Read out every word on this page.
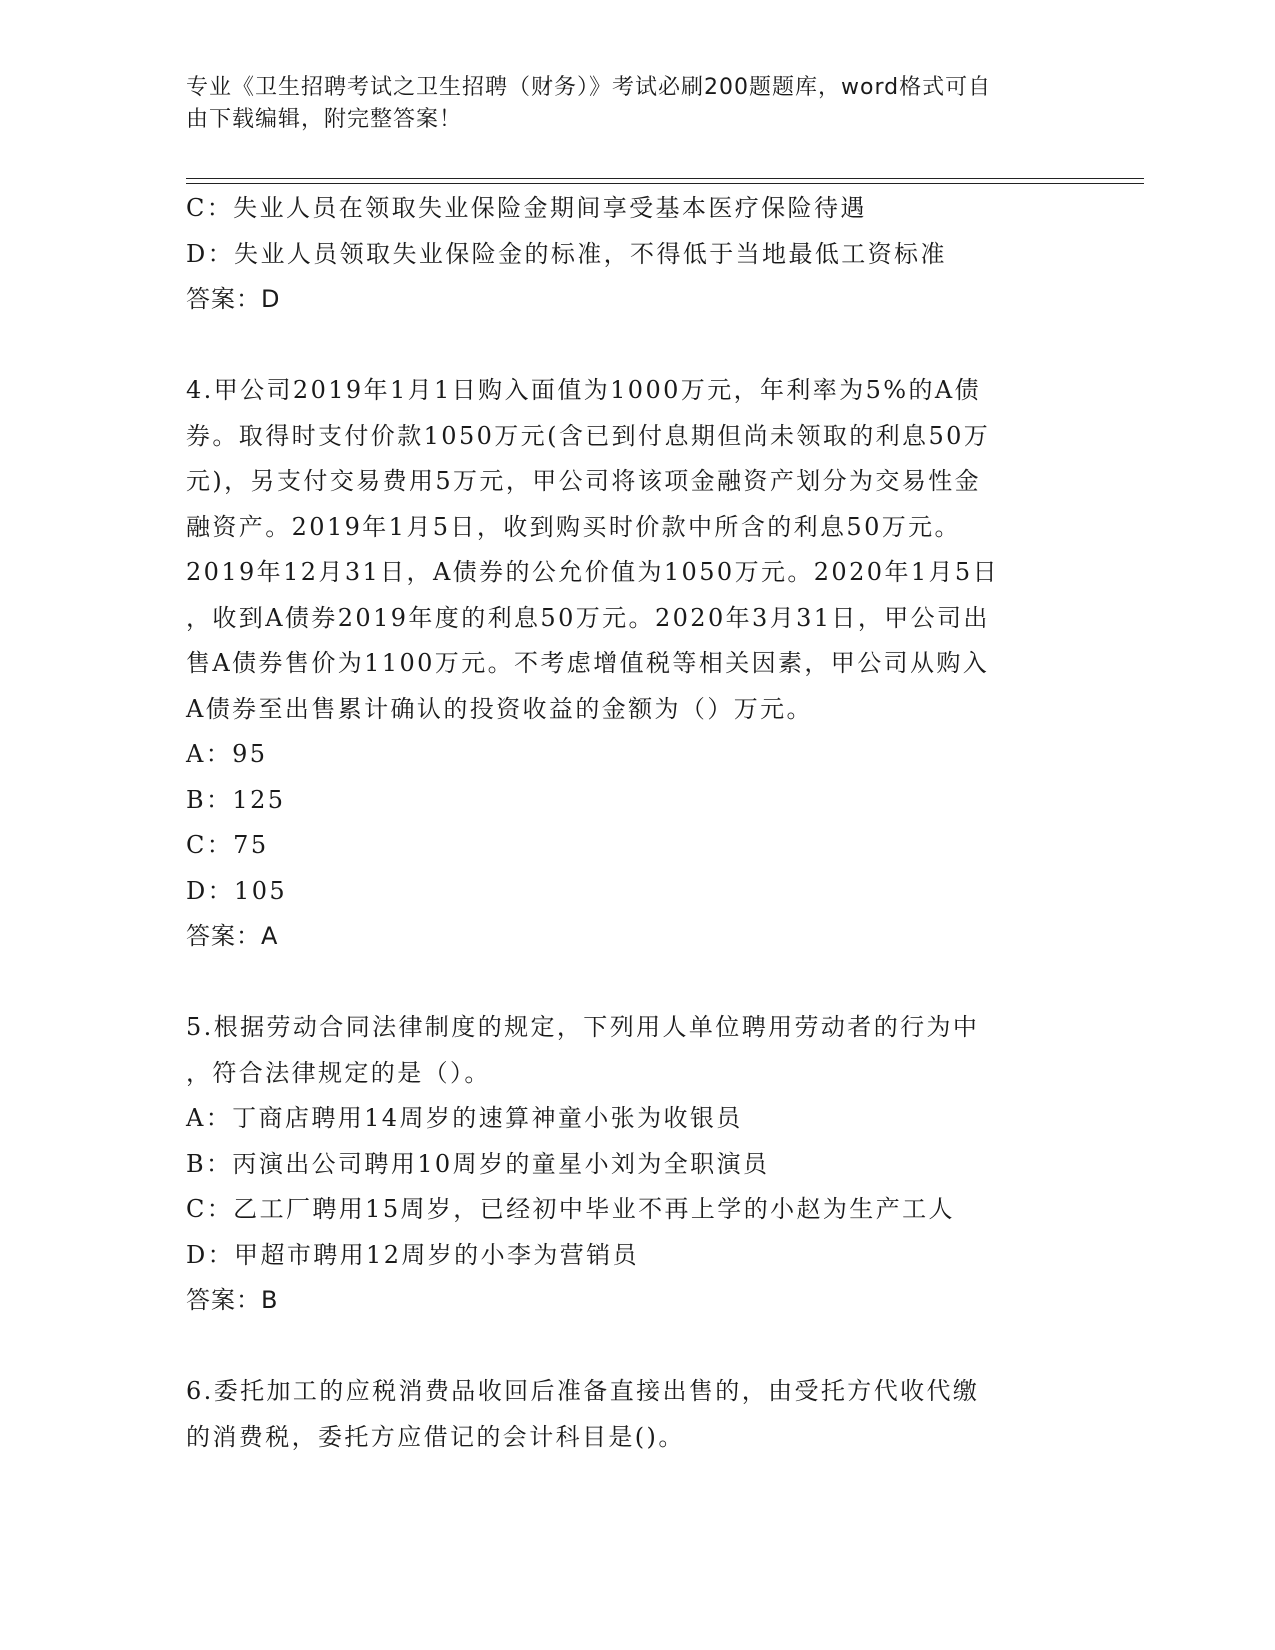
专业《卫生招聘考试之卫生招聘（财务）》考试必刷200题题库，word格式可自
由下载编辑，附完整答案！
C：失业人员在领取失业保险金期间享受基本医疗保险待遇
D：失业人员领取失业保险金的标准，不得低于当地最低工资标准
答案：D
4.甲公司2019年1月1日购入面值为1000万元，年利率为5%的A债
券。取得时支付价款1050万元(含已到付息期但尚未领取的利息50万
元)，另支付交易费用5万元，甲公司将该项金融资产划分为交易性金
融资产。2019年1月5日，收到购买时价款中所含的利息50万元。
2019年12月31日，A债券的公允价值为1050万元。2020年1月5日
，收到A债券2019年度的利息50万元。2020年3月31日，甲公司出
售A债券售价为1100万元。不考虑增值税等相关因素，甲公司从购入
A债券至出售累计确认的投资收益的金额为（）万元。
A：95
B：125
C：75
D：105
答案：A
5.根据劳动合同法律制度的规定，下列用人单位聘用劳动者的行为中
，符合法律规定的是（）。
A：丁商店聘用14周岁的速算神童小张为收银员
B：丙演出公司聘用10周岁的童星小刘为全职演员
C：乙工厂聘用15周岁，已经初中毕业不再上学的小赵为生产工人
D：甲超市聘用12周岁的小李为营销员
答案：B
6.委托加工的应税消费品收回后准备直接出售的，由受托方代收代缴
的消费税，委托方应借记的会计科目是()。
